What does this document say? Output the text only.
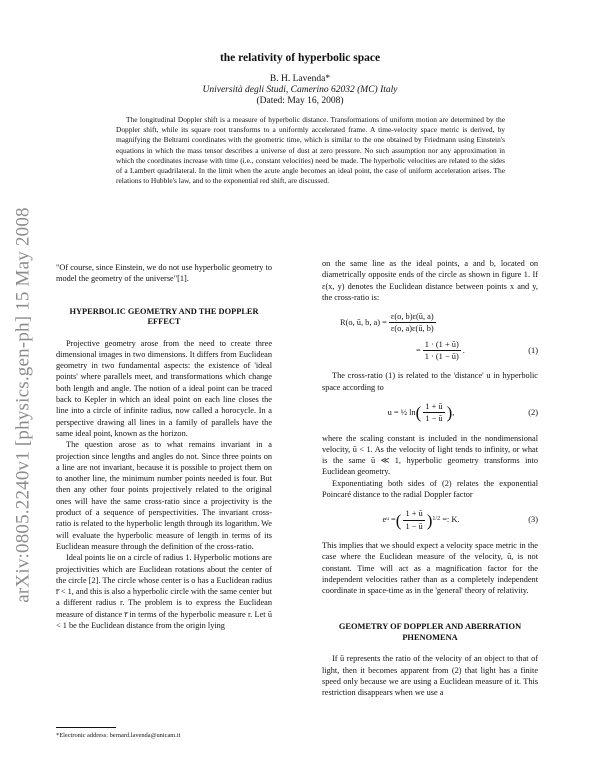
arXiv:0805.2240v1 [physics.gen-ph] 15 May 2008
the relativity of hyperbolic space
B. H. Lavenda*
Università degli Studi, Camerino 62032 (MC) Italy
(Dated: May 16, 2008)
The longitudinal Doppler shift is a measure of hyperbolic distance. Transformations of uniform motion are determined by the Doppler shift, while its square root transforms to a uniformly accelerated frame. A time-velocity space metric is derived, by magnifying the Beltrami coordinates with the geometric time, which is similar to the one obtained by Friedmann using Einstein's equations in which the mass tensor describes a universe of dust at zero pressure. No such assumption nor any approximation in which the coordinates increase with time (i.e., constant velocities) need be made. The hyperbolic velocities are related to the sides of a Lambert quadrilateral. In the limit when the acute angle becomes an ideal point, the case of uniform acceleration arises. The relations to Hubble's law, and to the exponential red shift, are discussed.

"Of course, since Einstein, we do not use hyperbolic geometry to model the geometry of the universe"[1].

HYPERBOLIC GEOMETRY AND THE DOPPLER EFFECT

Projective geometry arose from the need to create three dimensional images in two dimensions. It differs from Euclidean geometry in two fundamental aspects: the existence of 'ideal points' where parallels meet, and transformations which change both length and angle. The notion of a ideal point can be traced back to Kepler in which an ideal point on each line closes the line into a circle of infinite radius, now called a horocycle. In a perspective drawing all lines in a family of parallels have the same ideal point, known as the horizon.

The question arose as to what remains invariant in a projection since lengths and angles do not. Since three points on a line are not invariant, because it is possible to project them on to another line, the minimum number points needed is four. But then any other four points projectively related to the original ones will have the same cross-ratio since a projectivity is the product of a sequence of perspectivities. The invariant cross-ratio is related to the hyperbolic length through its logarithm. We will evaluate the hyperbolic measure of length in terms of its Euclidean measure through the definition of the cross-ratio.

Ideal points lie on a circle of radius 1. Hyperbolic motions are projectivities which are Euclidean rotations about the center of the circle [2]. The circle whose center is o has a Euclidean radius r̅ < 1, and this is also a hyperbolic circle with the same center but a different radius r. The problem is to express the Euclidean measure of distance r̅ in terms of the hyperbolic measure r. Let ū < 1 be the Euclidean distance from the origin lying

on the same line as the ideal points, a and b, located on diametrically opposite ends of the circle as shown in figure 1. If ε(x, y) denotes the Euclidean distance between points x and y, the cross-ratio is:

R(o, ū, b, $a) = \frac{\varepsilon(o, b)\varepsilon(ū, a)}{\varepsilon(o, a)\varepsilon(ū, b)}$
= $\frac{1 \cdot (1 + ū)}{1 \cdot (1 - ū)}$ .	(1)

The cross-ratio (1) is related to the 'distance' u in hyperbolic space according to

u =
½ ln ( $\frac{1 + ū}{1 - ū}$ ) ,	(2)

where the scaling constant is included in the nondimensional velocity, ū < 1. As the velocity of light tends to infinity, or what is the same ū ≪ 1, hyperbolic geometry transforms into Euclidean geometry.

Exponentiating both sides of (2) relates the exponential Poincaré distance to the radial Doppler factor

eᵘ = ( $\frac{1 + ū}{1 - ū}$ ) 1/2
=: K.	(3)

This implies that we should expect a velocity space metric in the case where the Euclidean measure of the velocity, ū, is not constant. Time will act as a magnification factor for the independent velocities rather than as a completely independent coordinate in space-time as in the 'general' theory of relativity.

GEOMETRY OF DOPPLER AND ABERRATION PHENOMENA

If ū represents the ratio of the velocity of an object to that of light, then it becomes apparent from (2) that light has a finite speed only because we are using a Euclidean measure of it. This restriction disappears when we use a

*Electronic address: bernard.lavenda@unicam.it
